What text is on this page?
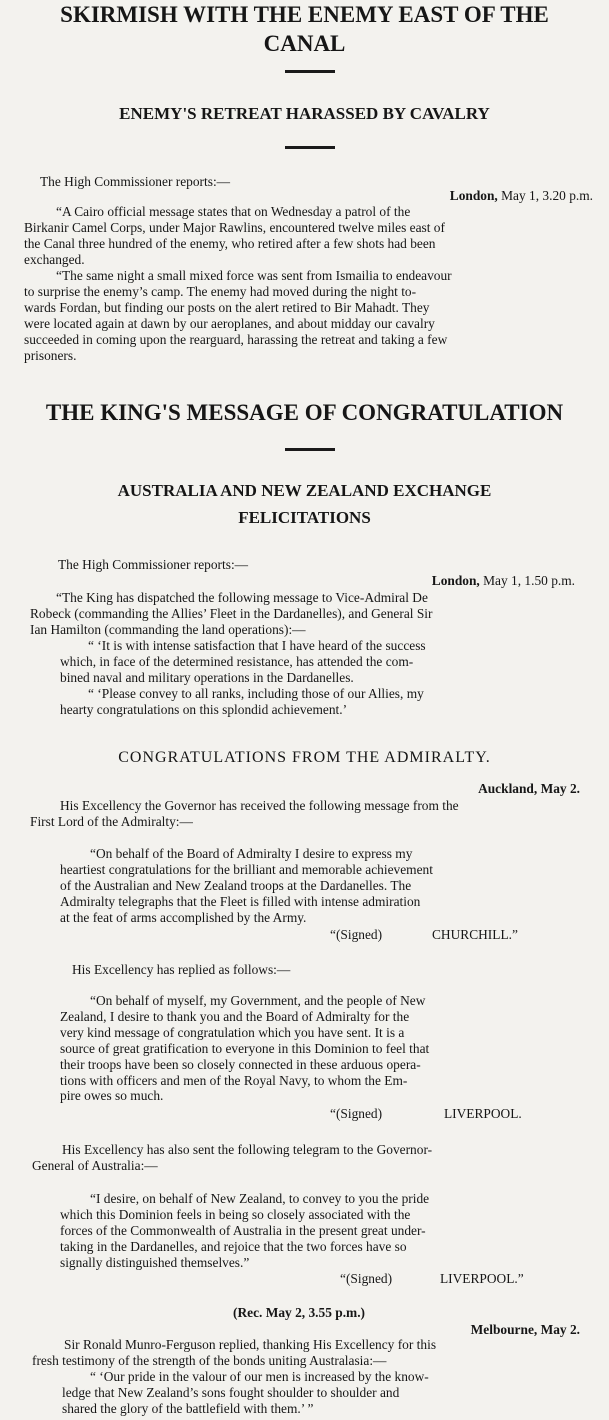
SKIRMISH WITH THE ENEMY EAST OF THE
CANAL
ENEMY'S RETREAT HARASSED BY CAVALRY
The High Commissioner reports:—
London, May 1, 3.20 p.m.
“A Cairo official message states that on Wednesday a patrol of the
Birkanir Camel Corps, under Major Rawlins, encountered twelve miles east of
the Canal three hundred of the enemy, who retired after a few shots had been
exchanged.
“The same night a small mixed force was sent from Ismailia to endeavour
to surprise the enemy’s camp. The enemy had moved during the night to-
wards Fordan, but finding our posts on the alert retired to Bir Mahadt. They
were located again at dawn by our aeroplanes, and about midday our cavalry
succeeded in coming upon the rearguard, harassing the retreat and taking a few
prisoners.
THE KING'S MESSAGE OF CONGRATULATION
AUSTRALIA AND NEW ZEALAND EXCHANGE
FELICITATIONS
The High Commissioner reports:—
London, May 1, 1.50 p.m.
“The King has dispatched the following message to Vice-Admiral De
Robeck (commanding the Allies’ Fleet in the Dardanelles), and General Sir
Ian Hamilton (commanding the land operations):—
“ ‘It is with intense satisfaction that I have heard of the success
which, in face of the determined resistance, has attended the com-
bined naval and military operations in the Dardanelles.
“ ‘Please convey to all ranks, including those of our Allies, my
hearty congratulations on this splondid achievement.’
CONGRATULATIONS FROM THE ADMIRALTY.
Auckland, May 2.
His Excellency the Governor has received the following message from the
First Lord of the Admiralty:—
“On behalf of the Board of Admiralty I desire to express my
heartiest congratulations for the brilliant and memorable achievement
of the Australian and New Zealand troops at the Dardanelles. The
Admiralty telegraphs that the Fleet is filled with intense admiration
at the feat of arms accomplished by the Army.
“(Signed)	CHURCHILL.”
His Excellency has replied as follows:—
“On behalf of myself, my Government, and the people of New
Zealand, I desire to thank you and the Board of Admiralty for the
very kind message of congratulation which you have sent. It is a
source of great gratification to everyone in this Dominion to feel that
their troops have been so closely connected in these arduous opera-
tions with officers and men of the Royal Navy, to whom the Em-
pire owes so much.
“(Signed)	LIVERPOOL.
His Excellency has also sent the following telegram to the Governor-
General of Australia:—
“I desire, on behalf of New Zealand, to convey to you the pride
which this Dominion feels in being so closely associated with the
forces of the Commonwealth of Australia in the present great under-
taking in the Dardanelles, and rejoice that the two forces have so
signally distinguished themselves.”
“(Signed)	LIVERPOOL.”
(Rec. May 2, 3.55 p.m.)
Melbourne, May 2.
Sir Ronald Munro-Ferguson replied, thanking His Excellency for this
fresh testimony of the strength of the bonds uniting Australasia:—
“ ‘Our pride in the valour of our men is increased by the know-
ledge that New Zealand’s sons fought shoulder to shoulder and
shared the glory of the battlefield with them.’ ”
